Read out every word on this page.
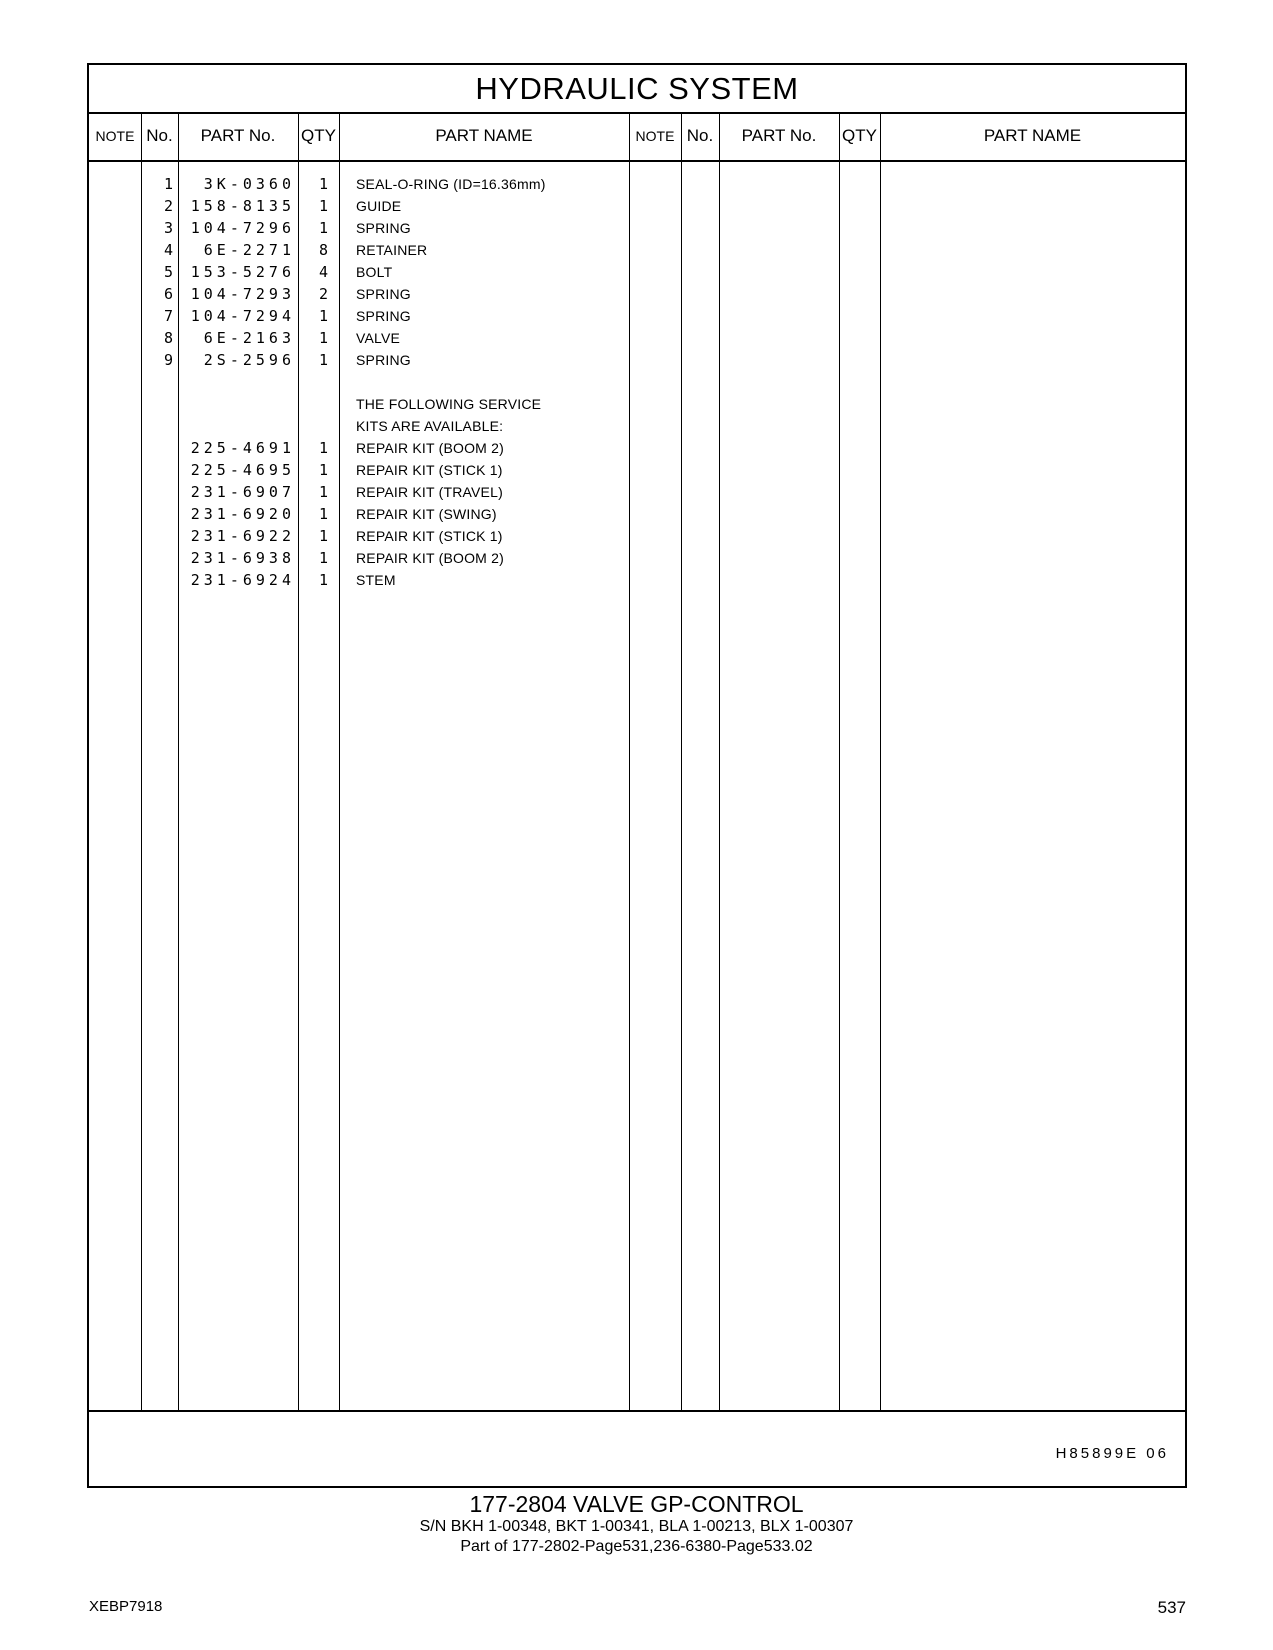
HYDRAULIC SYSTEM
NOTE No.	PART No.	QTY	PART NAME	NOTE No.	PART No.	QTY	PART NAME
1	3K-0360	1 SEAL-O-RING (ID=16.36mm)
2	158-8135	1 GUIDE
3	104-7296	1 SPRING
4	6E-2271	8 RETAINER
5	153-5276	4 BOLT
6	104-7293	2 SPRING
7	104-7294	1 SPRING
8	6E-2163	1 VALVE
9	2S-2596	1 SPRING
THE FOLLOWING SERVICE
KITS ARE AVAILABLE:
225-4691	1 REPAIR KIT (BOOM 2)
225-4695	1 REPAIR KIT (STICK 1)
231-6907	1 REPAIR KIT (TRAVEL)
231-6920	1 REPAIR KIT (SWING)
231-6922	1 REPAIR KIT (STICK 1)
231-6938	1 REPAIR KIT (BOOM 2)
231-6924	1 STEM
H85899E 06
177-2804 VALVE GP-CONTROL
S/N BKH 1-00348, BKT 1-00341, BLA 1-00213, BLX 1-00307
Part of 177-2802-Page531,236-6380-Page533.02
XEBP7918	537
